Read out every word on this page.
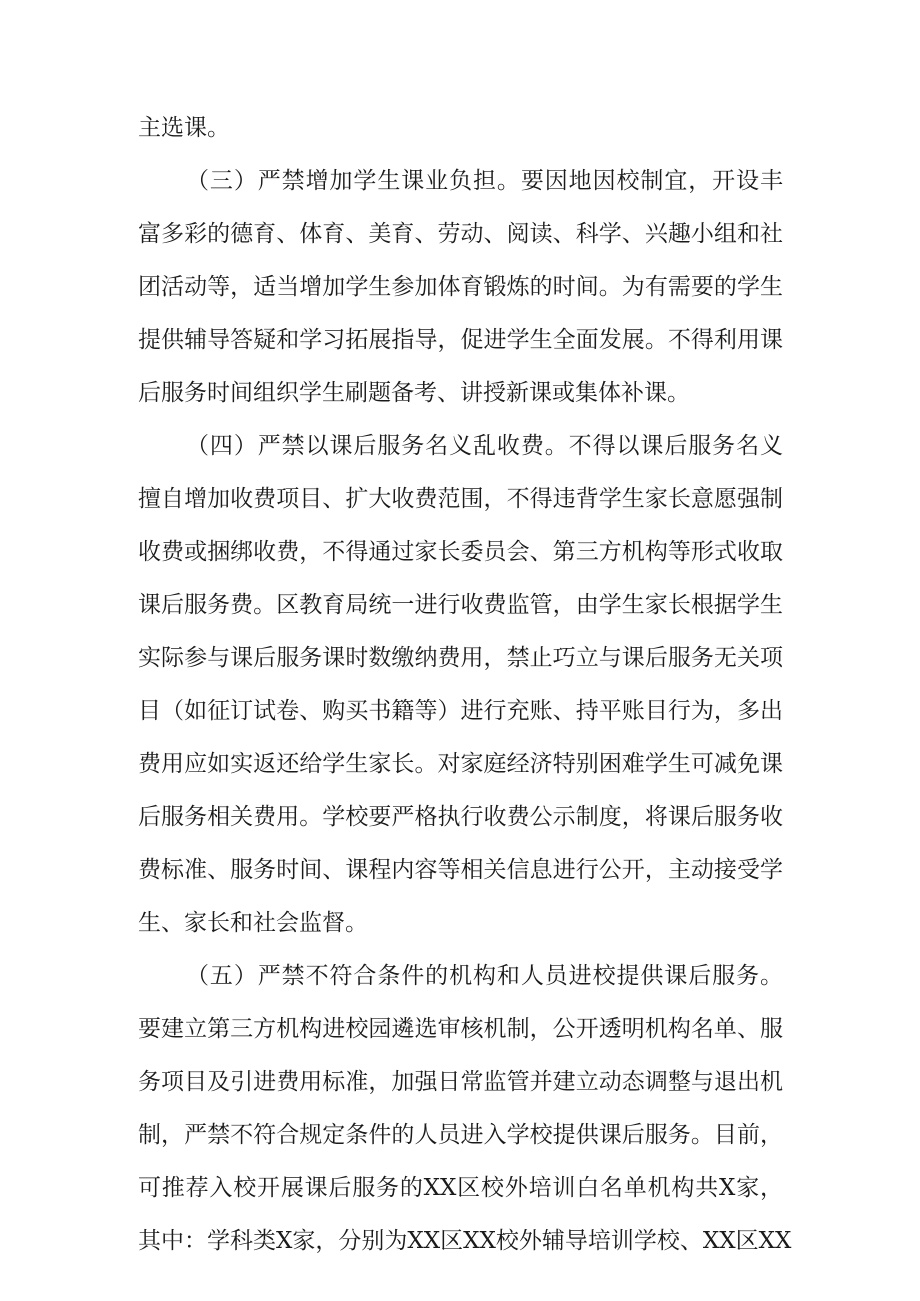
主选课。
（三）严禁增加学生课业负担。要因地因校制宜，开设丰
富多彩的德育、体育、美育、劳动、阅读、科学、兴趣小组和社
团活动等，适当增加学生参加体育锻炼的时间。为有需要的学生
提供辅导答疑和学习拓展指导，促进学生全面发展。不得利用课
后服务时间组织学生刷题备考、讲授新课或集体补课。
（四）严禁以课后服务名义乱收费。不得以课后服务名义
擅自增加收费项目、扩大收费范围，不得违背学生家长意愿强制
收费或捆绑收费，不得通过家长委员会、第三方机构等形式收取
课后服务费。区教育局统一进行收费监管，由学生家长根据学生
实际参与课后服务课时数缴纳费用，禁止巧立与课后服务无关项
目（如征订试卷、购买书籍等）进行充账、持平账目行为，多出
费用应如实返还给学生家长。对家庭经济特别困难学生可减免课
后服务相关费用。学校要严格执行收费公示制度，将课后服务收
费标准、服务时间、课程内容等相关信息进行公开，主动接受学
生、家长和社会监督。
（五）严禁不符合条件的机构和人员进校提供课后服务。
要建立第三方机构进校园遴选审核机制，公开透明机构名单、服
务项目及引进费用标准，加强日常监管并建立动态调整与退出机
制，严禁不符合规定条件的人员进入学校提供课后服务。目前，
可推荐入校开展课后服务的XX区校外培训白名单机构共X家，
其中：学科类X家，分别为XX区XX校外辅导培训学校、XX区XX
